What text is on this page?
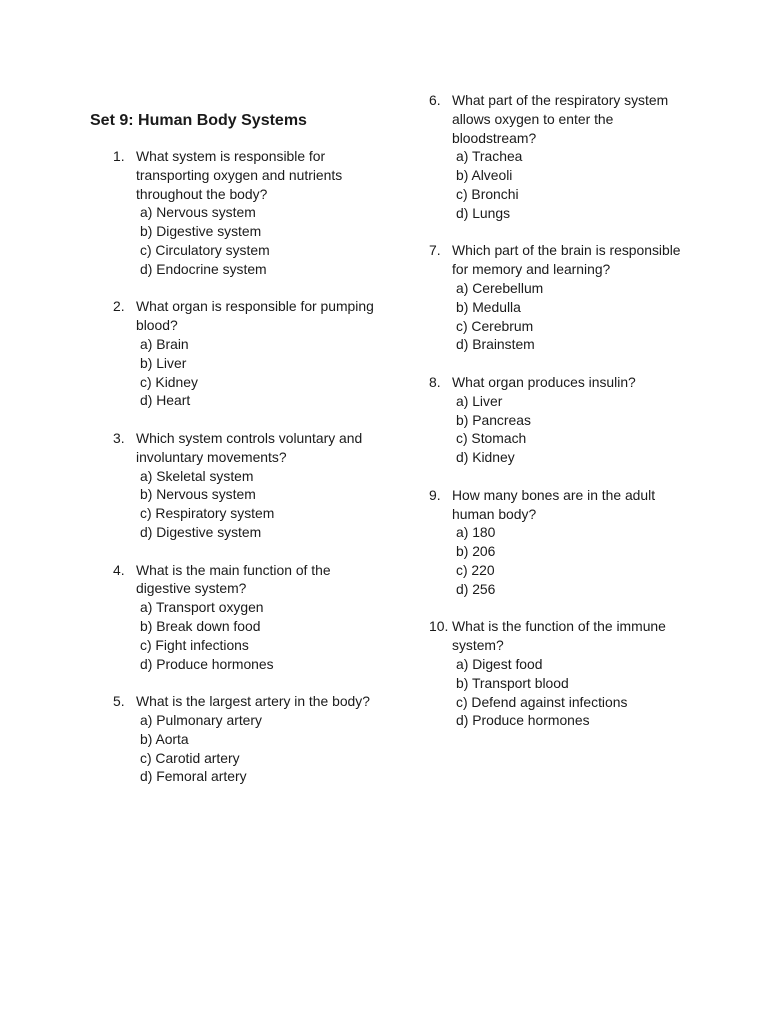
Set 9: Human Body Systems
1. What system is responsible for transporting oxygen and nutrients throughout the body?
a) Nervous system
b) Digestive system
c) Circulatory system
d) Endocrine system
2. What organ is responsible for pumping blood?
a) Brain
b) Liver
c) Kidney
d) Heart
3. Which system controls voluntary and involuntary movements?
a) Skeletal system
b) Nervous system
c) Respiratory system
d) Digestive system
4. What is the main function of the digestive system?
a) Transport oxygen
b) Break down food
c) Fight infections
d) Produce hormones
5. What is the largest artery in the body?
a) Pulmonary artery
b) Aorta
c) Carotid artery
d) Femoral artery
6. What part of the respiratory system allows oxygen to enter the bloodstream?
a) Trachea
b) Alveoli
c) Bronchi
d) Lungs
7. Which part of the brain is responsible for memory and learning?
a) Cerebellum
b) Medulla
c) Cerebrum
d) Brainstem
8. What organ produces insulin?
a) Liver
b) Pancreas
c) Stomach
d) Kidney
9. How many bones are in the adult human body?
a) 180
b) 206
c) 220
d) 256
10. What is the function of the immune system?
a) Digest food
b) Transport blood
c) Defend against infections
d) Produce hormones
